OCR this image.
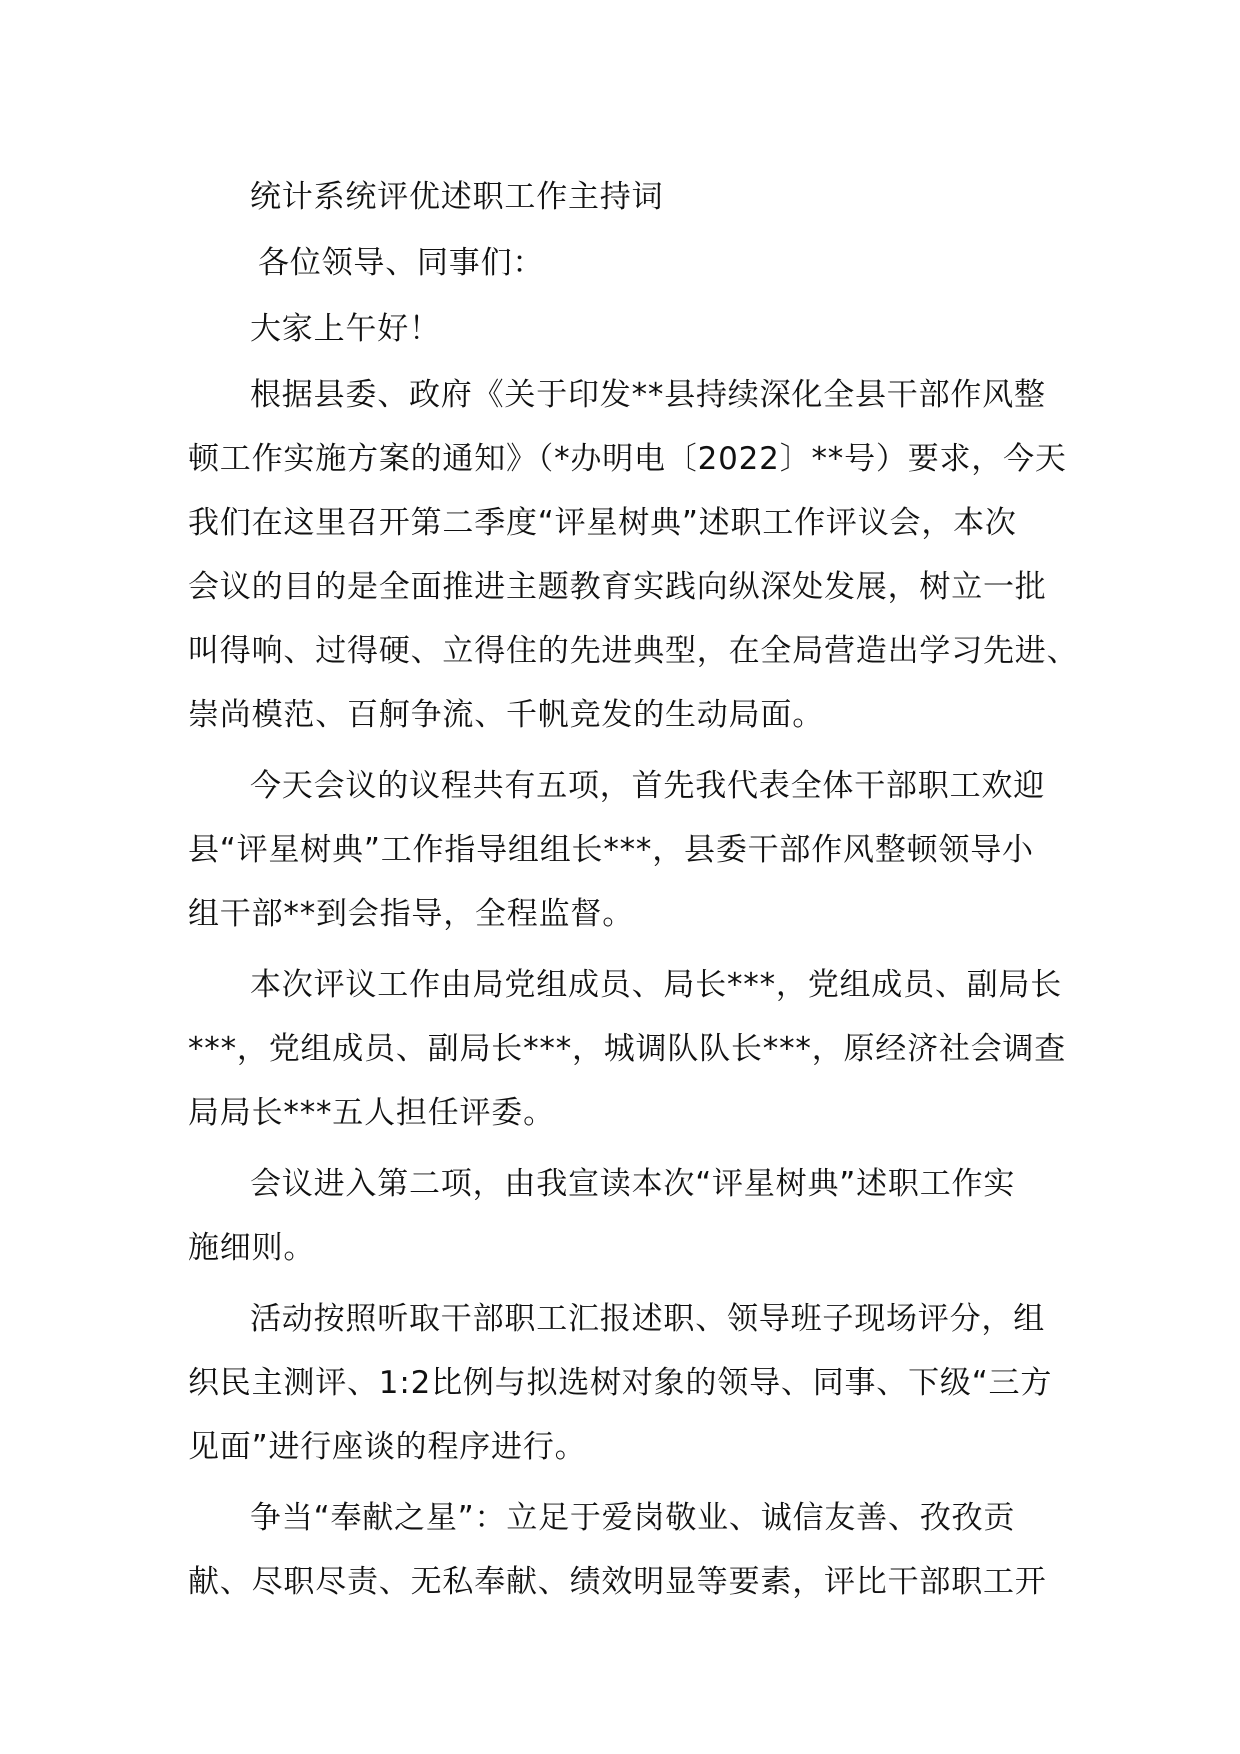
统计系统评优述职工作主持词
各位领导、同事们：
大家上午好！
根据县委、政府《关于印发**县持续深化全县干部作风整
顿工作实施方案的通知》（*办明电〔2022〕**号）要求，今天
我们在这里召开第二季度“评星树典”述职工作评议会，本次
会议的目的是全面推进主题教育实践向纵深处发展，树立一批
叫得响、过得硬、立得住的先进典型，在全局营造出学习先进、
崇尚模范、百舸争流、千帆竞发的生动局面。
今天会议的议程共有五项，首先我代表全体干部职工欢迎
县“评星树典”工作指导组组长***，县委干部作风整顿领导小
组干部**到会指导，全程监督。
本次评议工作由局党组成员、局长***，党组成员、副局长
***，党组成员、副局长***，城调队队长***，原经济社会调查
局局长***五人担任评委。
会议进入第二项，由我宣读本次“评星树典”述职工作实
施细则。
活动按照听取干部职工汇报述职、领导班子现场评分，组
织民主测评、1:2比例与拟选树对象的领导、同事、下级“三方
见面”进行座谈的程序进行。
争当“奉献之星”：立足于爱岗敬业、诚信友善、孜孜贡
献、尽职尽责、无私奉献、绩效明显等要素，评比干部职工开
